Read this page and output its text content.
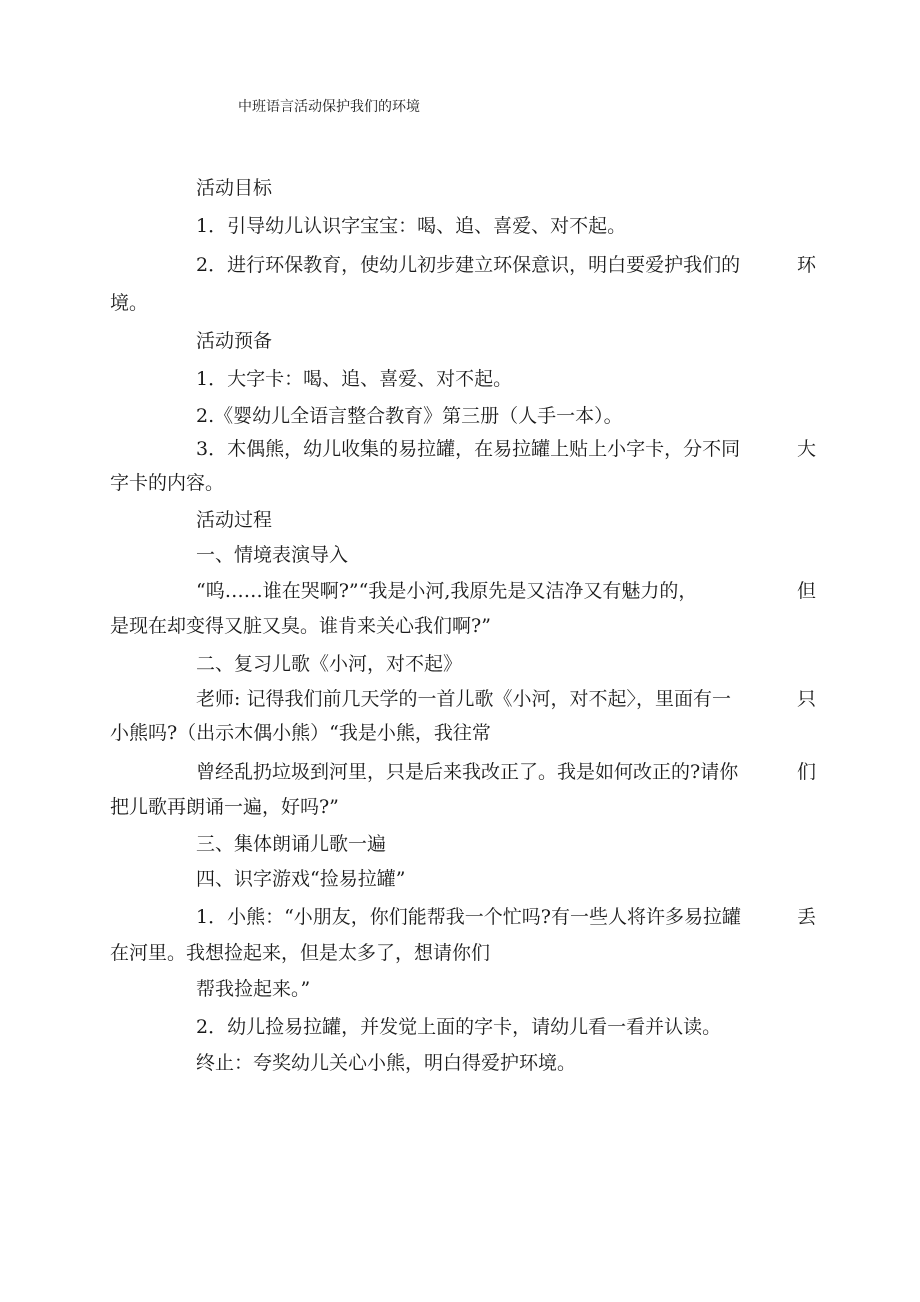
中班语言活动保护我们的环境
活动目标
1．引导幼儿认识字宝宝：喝、追、喜爱、对不起。
2．进行环保教育，使幼儿初步建立环保意识，明白要爱护我们的	环
境。
活动预备
1．大字卡：喝、追、喜爱、对不起。
2.《婴幼儿全语言整合教育》第三册（人手一本）。
3．木偶熊，幼儿收集的易拉罐，在易拉罐上贴上小字卡，分不同	大
字卡的内容。
活动过程
一、情境表演导入
“呜……谁在哭啊?”“我是小河,我原先是又洁净又有魅力的，	但
是现在却变得又脏又臭。谁肯来关心我们啊?”
二、复习儿歌《小河，对不起》
老师: 记得我们前几天学的一首儿歌《小河，对不起〉，里面有一	只
小熊吗?（出示木偶小熊）“我是小熊，我往常
曾经乱扔垃圾到河里，只是后来我改正了。我是如何改正的?请你	们
把儿歌再朗诵一遍，好吗?”
三、集体朗诵儿歌一遍
四、识字游戏“捡易拉罐”
1．小熊：“小朋友，你们能帮我一个忙吗?有一些人将许多易拉罐	丢
在河里。我想捡起来，但是太多了，想请你们
帮我捡起来。”
2．幼儿捡易拉罐，并发觉上面的字卡，请幼儿看一看并认读。
终止：夸奖幼儿关心小熊，明白得爱护环境。
